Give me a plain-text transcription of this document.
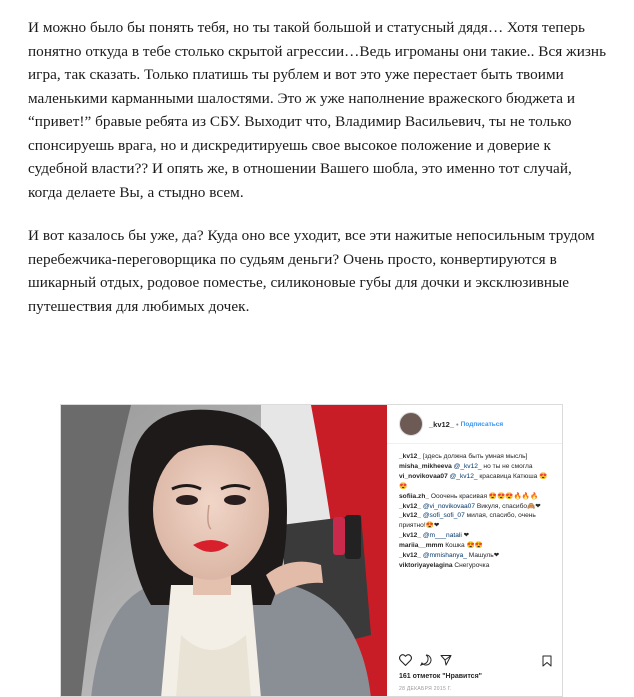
И можно было бы понять тебя, но ты такой большой и статусный дядя… Хотя теперь понятно откуда в тебе столько скрытой агрессии…Ведь игроманы они такие.. Вся жизнь игра, так сказать. Только платишь ты рублем и вот это уже перестает быть твоими маленькими карманными шалостями. Это ж уже наполнение вражеского бюджета и “привет!” бравые ребята из СБУ. Выходит что, Владимир Васильевич, ты не только спонсируешь врага, но и дискредитируешь свое высокое положение и доверие к судебной власти?? И опять же, в отношении Вашего шобла, это именно тот случай, когда делаете Вы, а стыдно всем.

И вот казалось бы уже, да? Куда оно все уходит, все эти нажитые непосильным трудом перебежчика-переговорщика по судьям деньги? Очень просто, конвертируются в шикарный отдых, родовое поместье, силиконовые губы для дочки и эксклюзивные путешествия для любимых дочек.

_kv12_ • Подписаться

_kv12_ [здесь должна быть умная мысль]

misha_mikheeva @_kv12_ но ты не смогла

vi_novikovaa07 @_kv12_ красавица Катюша 😍😍

sofiia.zh_ Ооочень красивая 😍😍😍🔥🔥🔥

_kv12_ @vi_novikovaa07 Викуля, спасибо🙈❤

_kv12_ @sofi_sofi_07 милая, спасибо, очень приятно!😍❤

_kv12_ @m___natali ❤

mariia__mmm Кошка 😍😍

_kv12_ @mmishanya_ Машуль❤

viktoriyayelagina Снегурочка

161 отметок "Нравится"
28 ДЕКАБРЯ 2015 Г.
